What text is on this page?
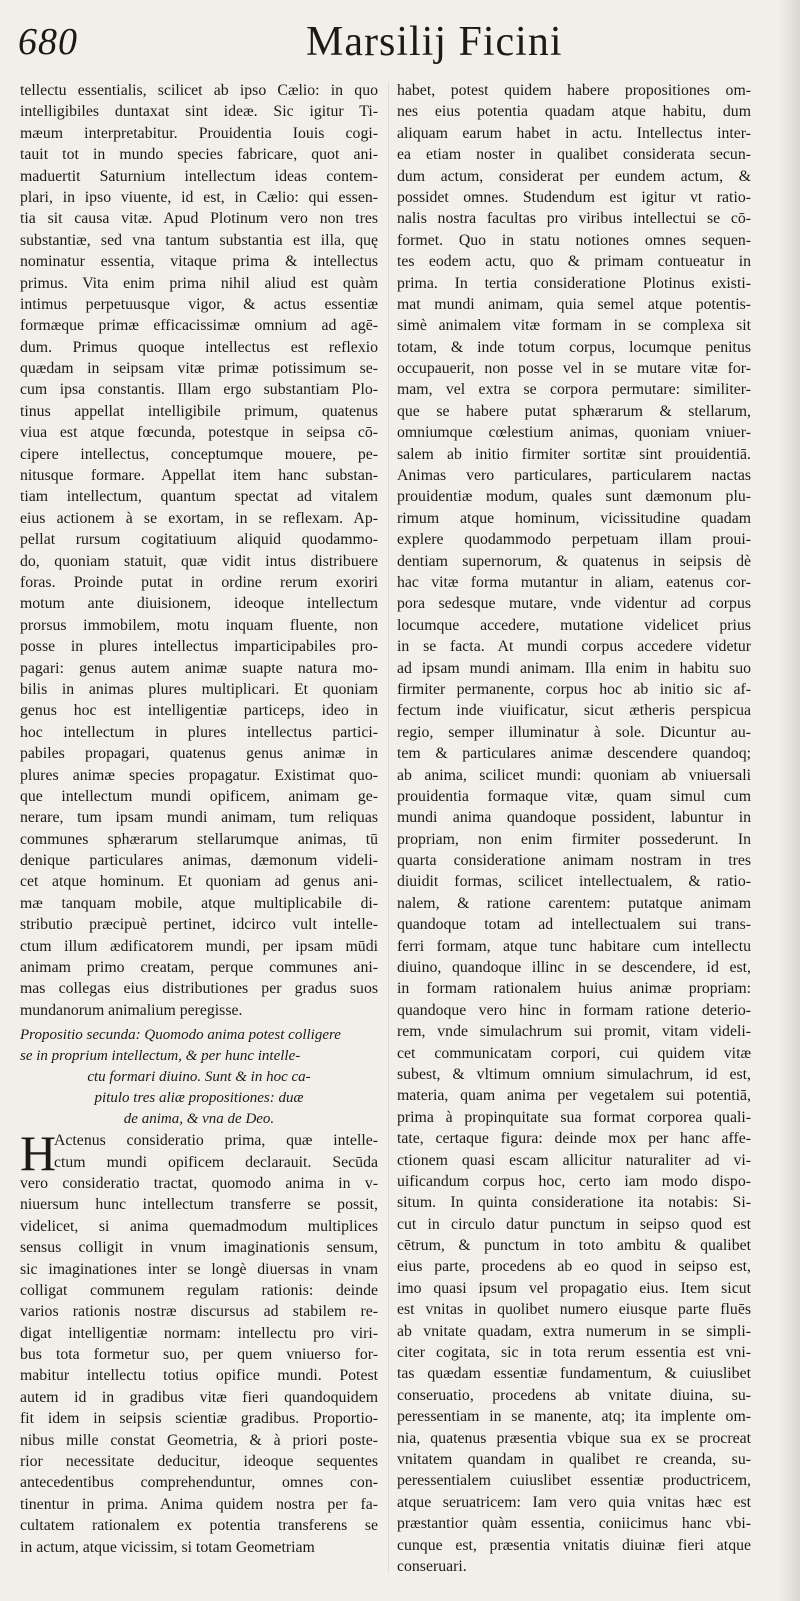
680	Marsilij Ficini

tellectu essentialis, scilicet ab ipso Cælio: in quo
intelligibiles duntaxat sint ideæ. Sic igitur Ti-
mæum interpretabitur. Prouidentia Iouis cogi-
tauit tot in mundo species fabricare, quot ani-
maduertit Saturnium intellectum ideas contem-
plari, in ipso viuente, id est, in Cælio: qui essen-
tia sit causa vitæ. Apud Plotinum vero non tres
substantiæ, sed vna tantum substantia est illa, quę
nominatur essentia, vitaque prima & intellectus
primus. Vita enim prima nihil aliud est quàm
intimus perpetuusque vigor, & actus essentiæ
formæque primæ efficacissimæ omnium ad agē-
dum. Primus quoque intellectus est reflexio
quædam in seipsam vitæ primæ potissimum se-
cum ipsa constantis. Illam ergo substantiam Plo-
tinus appellat intelligibile primum, quatenus
viua est atque fœcunda, potestque in seipsa cō-
cipere intellectus, conceptumque mouere, pe-
nitusque formare. Appellat item hanc substan-
tiam intellectum, quantum spectat ad vitalem
eius actionem à se exortam, in se reflexam. Ap-
pellat rursum cogitatiuum aliquid quodammo-
do, quoniam statuit, quæ vidit intus distribuere
foras. Proinde putat in ordine rerum exoriri
motum ante diuisionem, ideoque intellectum
prorsus immobilem, motu inquam fluente, non
posse in plures intellectus imparticipabiles pro-
pagari: genus autem animæ suapte natura mo-
bilis in animas plures multiplicari. Et quoniam
genus hoc est intelligentiæ particeps, ideo in
hoc intellectum in plures intellectus partici-
pabiles propagari, quatenus genus animæ in
plures animæ species propagatur. Existimat quo-
que intellectum mundi opificem, animam ge-
nerare, tum ipsam mundi animam, tum reliquas
communes sphærarum stellarumque animas, tū
denique particulares animas, dæmonum videli-
cet atque hominum. Et quoniam ad genus ani-
mæ tanquam mobile, atque multiplicabile di-
stributio præcipuè pertinet, idcirco vult intelle-
ctum illum ædificatorem mundi, per ipsam mūdi
animam primo creatam, perque communes ani-
mas collegas eius distributiones per gradus suos
mundanorum animalium peregisse.

Propositio secunda: Quomodo anima potest colligere
se in proprium intellectum, & per hunc intelle-
ctu formari diuino. Sunt & in hoc ca-
pitulo tres aliæ propositiones: duæ
de anima, & vna de Deo.
H

Actenus consideratio prima, quæ intelle-
ctum mundi opificem declarauit. Secūda
vero consideratio tractat, quomodo anima in v-
niuersum hunc intellectum transferre se possit,
videlicet, si anima quemadmodum multiplices
sensus colligit in vnum imaginationis sensum,
sic imaginationes inter se longè diuersas in vnam
colligat communem regulam rationis: deinde
varios rationis nostræ discursus ad stabilem re-
digat intelligentiæ normam: intellectu pro viri-
bus tota formetur suo, per quem vniuerso for-
mabitur intellectu totius opifice mundi. Potest
autem id in gradibus vitæ fieri quandoquidem
fit idem in seipsis scientiæ gradibus. Proportio-
nibus mille constat Geometria, & à priori poste-
rior necessitate deducitur, ideoque sequentes
antecedentibus comprehenduntur, omnes con-
tinentur in prima. Anima quidem nostra per fa-
cultatem rationalem ex potentia transferens se
in actum, atque vicissim, si totam Geometriam

habet, potest quidem habere propositiones om-
nes eius potentia quadam atque habitu, dum
aliquam earum habet in actu. Intellectus inter-
ea etiam noster in qualibet considerata secun-
dum actum, considerat per eundem actum, &
possidet omnes. Studendum est igitur vt ratio-
nalis nostra facultas pro viribus intellectui se cō-
formet. Quo in statu notiones omnes sequen-
tes eodem actu, quo & primam contueatur in
prima. In tertia consideratione Plotinus existi-
mat mundi animam, quia semel atque potentis-
simè animalem vitæ formam in se complexa sit
totam, & inde totum corpus, locumque penitus
occupauerit, non posse vel in se mutare vitæ for-
mam, vel extra se corpora permutare: similiter-
que se habere putat sphærarum & stellarum,
omniumque cœlestium animas, quoniam vniuer-
salem ab initio firmiter sortitæ sint prouidentiā.
Animas vero particulares, particularem nactas
prouidentiæ modum, quales sunt dæmonum plu-
rimum atque hominum, vicissitudine quadam
explere quodammodo perpetuam illam proui-
dentiam supernorum, & quatenus in seipsis dè
hac vitæ forma mutantur in aliam, eatenus cor-
pora sedesque mutare, vnde videntur ad corpus
locumque accedere, mutatione videlicet prius
in se facta. At mundi corpus accedere videtur
ad ipsam mundi animam. Illa enim in habitu suo
firmiter permanente, corpus hoc ab initio sic af-
fectum inde viuificatur, sicut ætheris perspicua
regio, semper illuminatur à sole. Dicuntur au-
tem & particulares animæ descendere quandoq;
ab anima, scilicet mundi: quoniam ab vniuersali
prouidentia formaque vitæ, quam simul cum
mundi anima quandoque possident, labuntur in
propriam, non enim firmiter possederunt. In
quarta consideratione animam nostram in tres
diuidit formas, scilicet intellectualem, & ratio-
nalem, & ratione carentem: putatque animam
quandoque totam ad intellectualem sui trans-
ferri formam, atque tunc habitare cum intellectu
diuino, quandoque illinc in se descendere, id est,
in formam rationalem huius animæ propriam:
quandoque vero hinc in formam ratione deterio-
rem, vnde simulachrum sui promit, vitam videli-
cet communicatam corpori, cui quidem vitæ
subest, & vltimum omnium simulachrum, id est,
materia, quam anima per vegetalem sui potentiā,
prima à propinquitate sua format corporea quali-
tate, certaque figura: deinde mox per hanc affe-
ctionem quasi escam allicitur naturaliter ad vi-
uificandum corpus hoc, certo iam modo dispo-
situm. In quinta consideratione ita notabis: Si-
cut in circulo datur punctum in seipso quod est
cētrum, & punctum in toto ambitu & qualibet
eius parte, procedens ab eo quod in seipso est,
imo quasi ipsum vel propagatio eius. Item sicut
est vnitas in quolibet numero eiusque parte fluēs
ab vnitate quadam, extra numerum in se simpli-
citer cogitata, sic in tota rerum essentia est vni-
tas quædam essentiæ fundamentum, & cuiuslibet
conseruatio, procedens ab vnitate diuina, su-
peressentiam in se manente, atq; ita implente om-
nia, quatenus præsentia vbique sua ex se procreat
vnitatem quandam in qualibet re creanda, su-
peressentialem cuiuslibet essentiæ productricem,
atque seruatricem: Iam vero quia vnitas hæc est
præstantior quàm essentia, coniicimus hanc vbi-
cunque est, præsentia vnitatis diuinæ fieri atque
conseruari.
